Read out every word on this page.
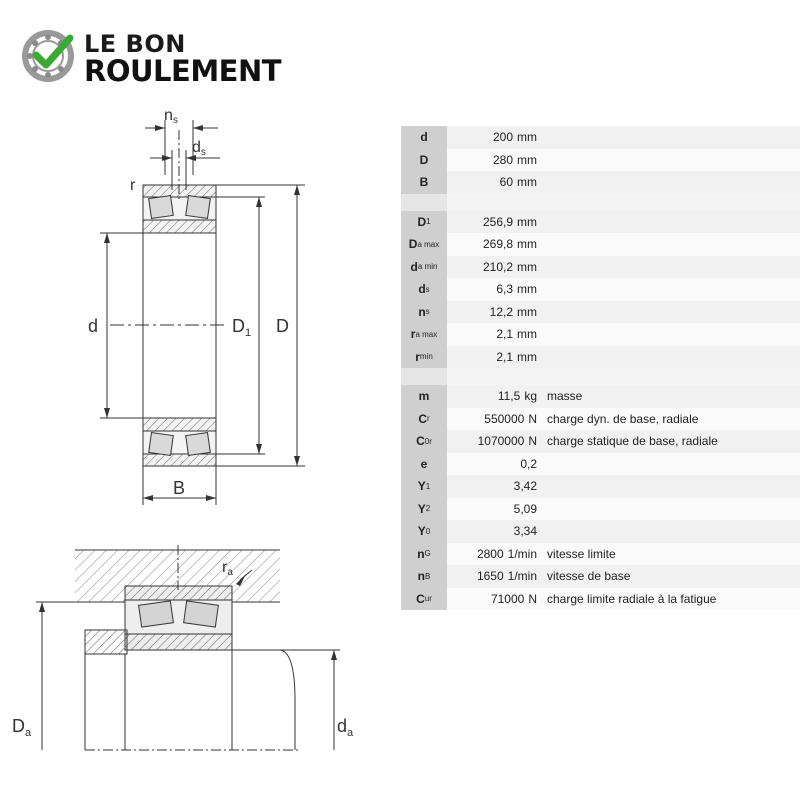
LE BON
ROULEMENT
ns
ds
r
d	$D_1$ D
B
ra
$D_a$	$d_a$
d	200 mm
D	280 mm
B	60 mm
D 1	256,9 mm
D a max	269,8 mm
d a min	210,2 mm
d s	6,3 mm
n s	12,2 mm
r a max	2,1 mm
r min	2,1 mm
m	11,5 kg masse
C r	550000 N charge dyn. de base, radiale
C 0r	1070000 N charge statique de base, radiale
e	0,2
Y 1	3,42
Y 2	5,09
Y 0	3,34
n G	2800 1/min vitesse limite
n B	1650 1/min vitesse de base
C ur	71000 N charge limite radiale à la fatigue
